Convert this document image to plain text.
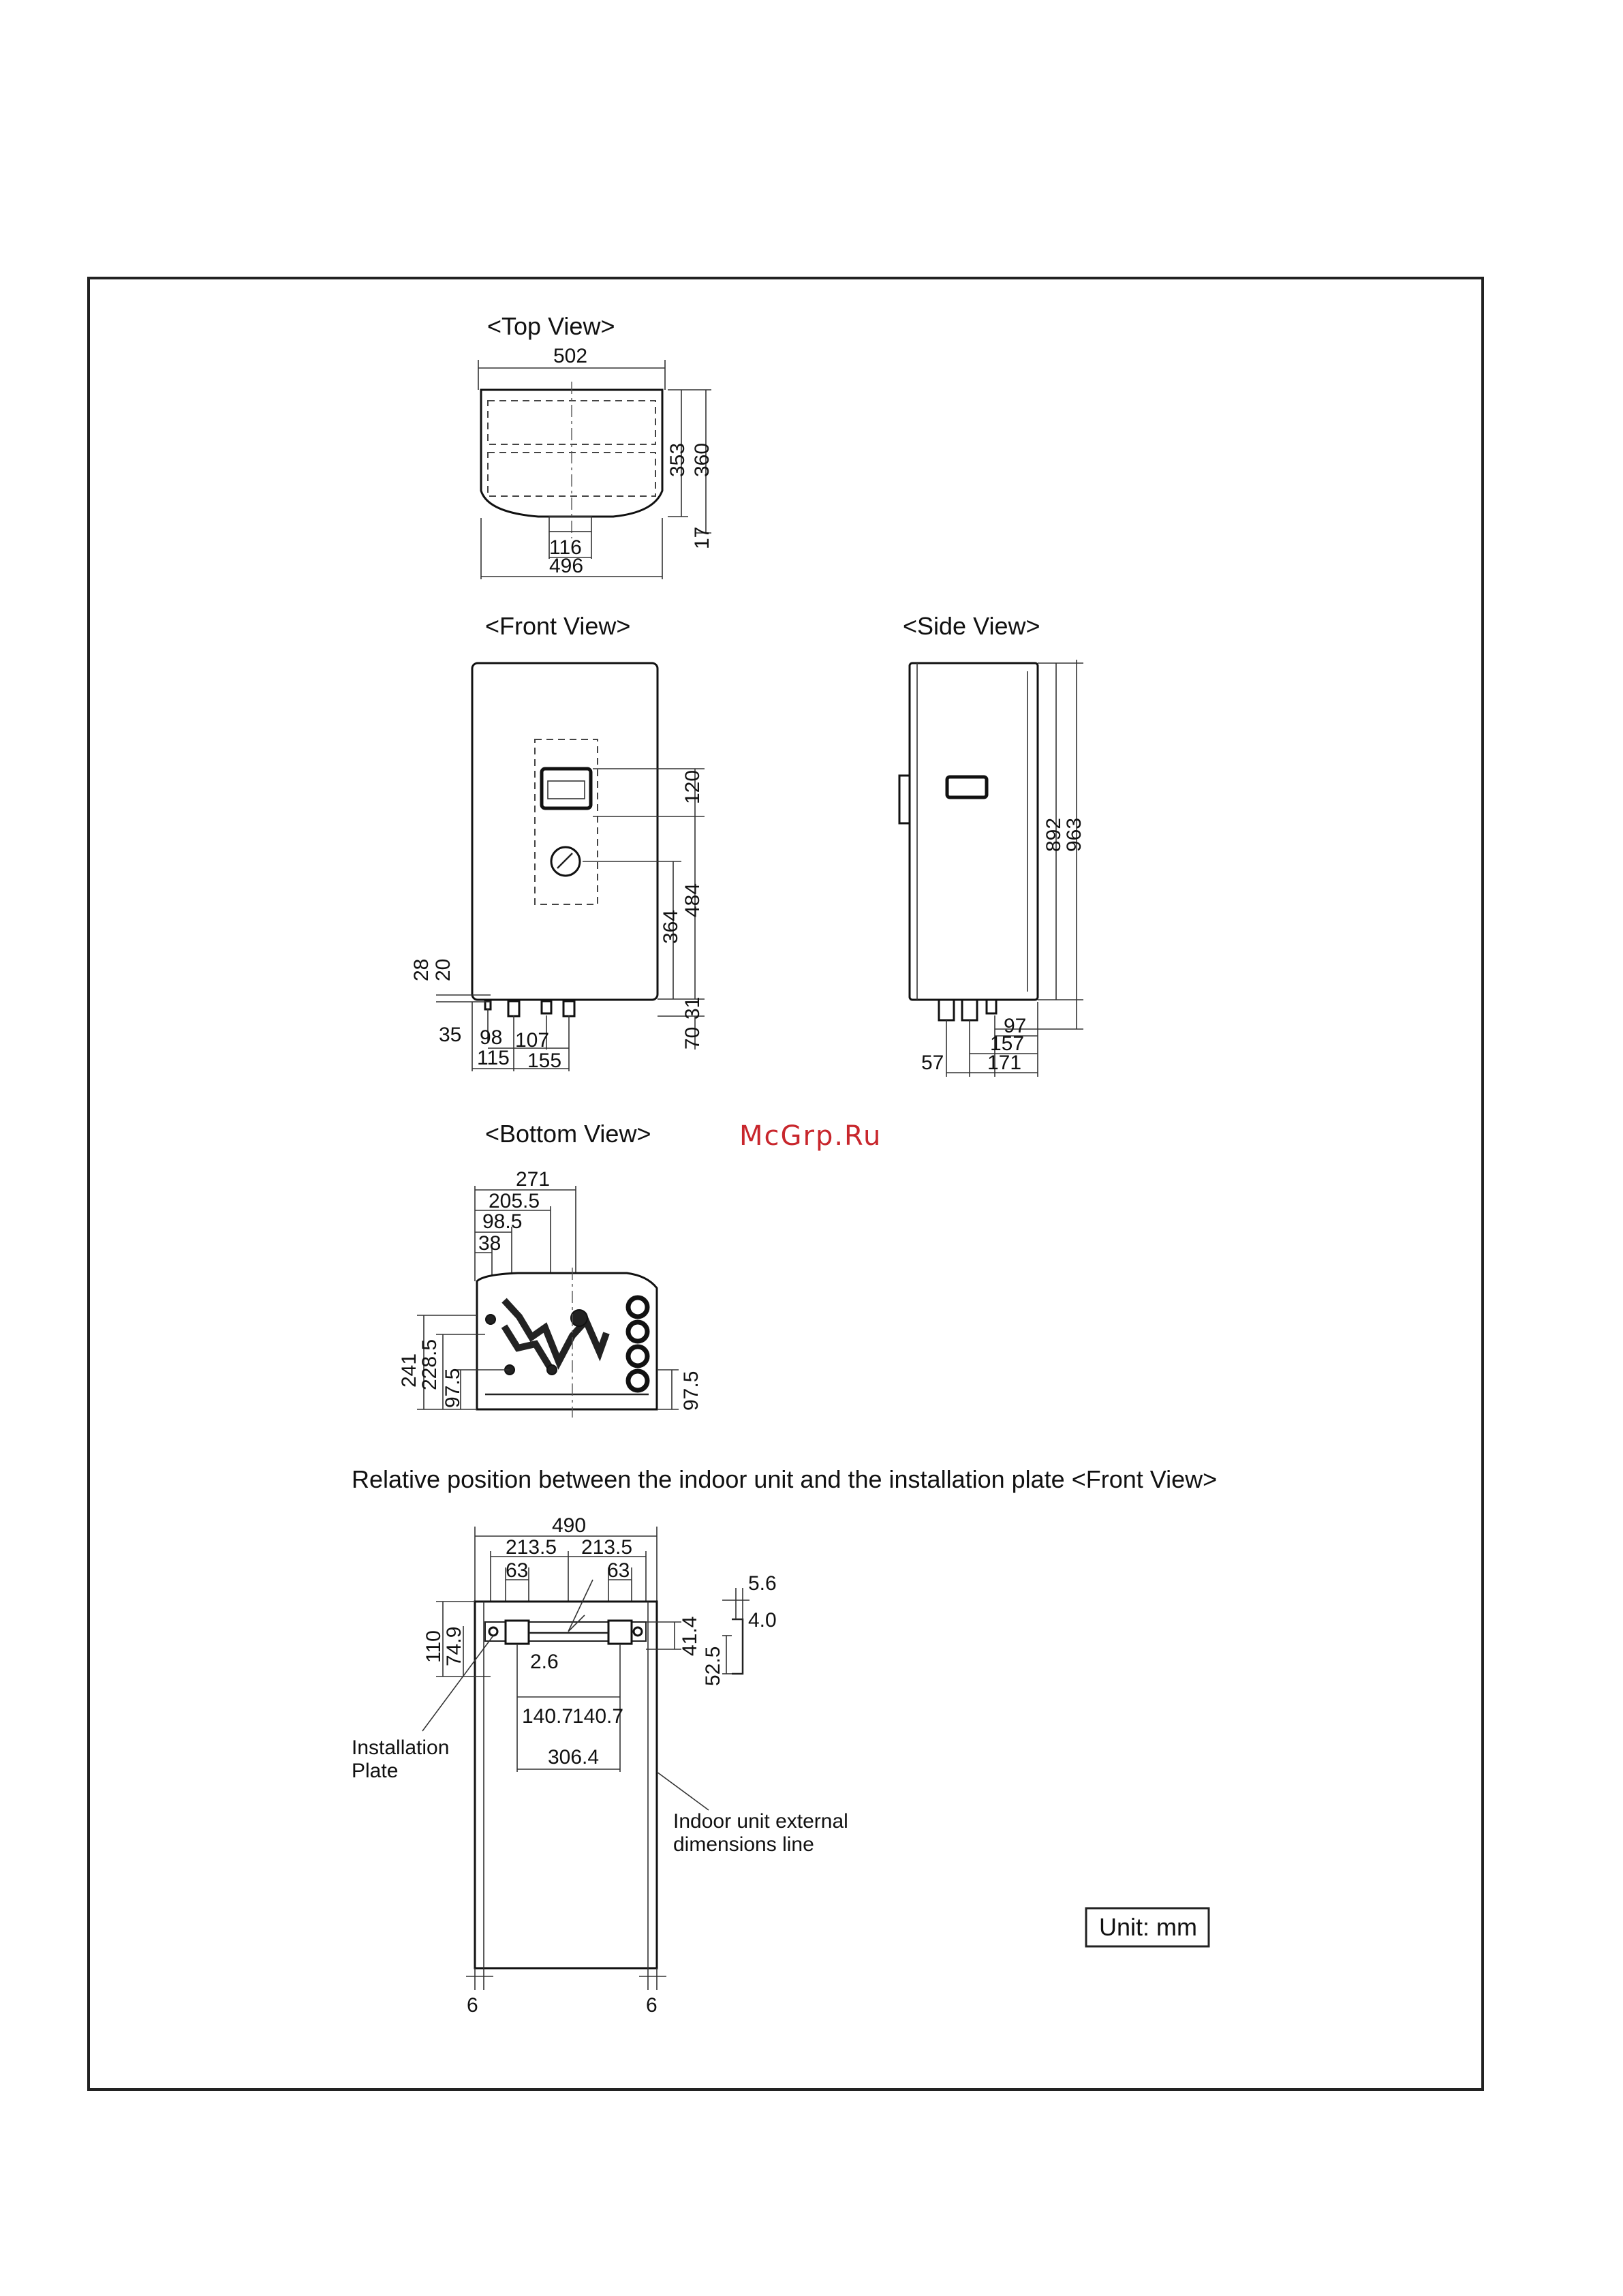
<Top View>
502
353 360
17
116
496
<Front View>
120
364
484
31
70
28 20
35 98 107
115 155
<Side View>
892
963
97
157
57 171
McGrp.Ru
<Bottom View>
271
205.5
98.5
38
241
228.5 97.5	97.5
Relative position between the indoor unit and the installation plate <Front View>
490
213.5 213.5
63	63
110
74.9	2.6
41.4
140.7
140.7
306.4
5.6
4.0
52.5
Installation
Plate
Indoor unit external
dimensions line
6	6
Unit: mm
